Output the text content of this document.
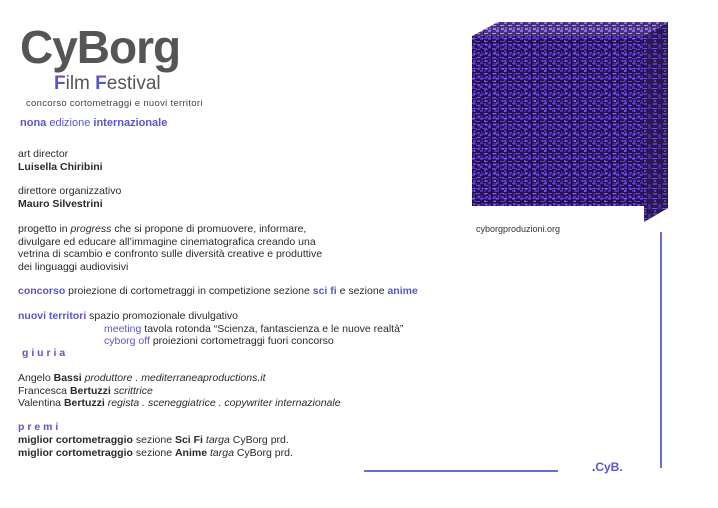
CyBorg
Film Festival
concorso cortometraggi e nuovi territori
nona edizione internazionale
art director
Luisella Chiribini
direttore organizzativo
Mauro Silvestrini
progetto in progress che si propone di promuovere, informare,
divulgare ed educare all’immagine cinematografica creando una
vetrina di scambio e confronto sulle diversità creative e produttive
dei linguaggi audiovisivi
concorso proiezione di cortometraggi in competizione sezione sci fi e sezione anime
nuovi territori spazio promozionale divulgativo
meeting tavola rotonda “Scienza, fantascienza e le nuove realtà”
cyborg off proiezioni cortometraggi fuori concorso
g i u r i a
Angelo Bassi produttore . mediterraneaproductions.it
Francesca Bertuzzi scrittrice
Valentina Bertuzzi regista . sceneggiatrice . copywriter internazionale
p r e m i
miglior cortometraggio sezione Sci Fi targa CyBorg prd.
miglior cortometraggio sezione Anime targa CyBorg prd.
cyborgproduzioni.org
.CyB.
